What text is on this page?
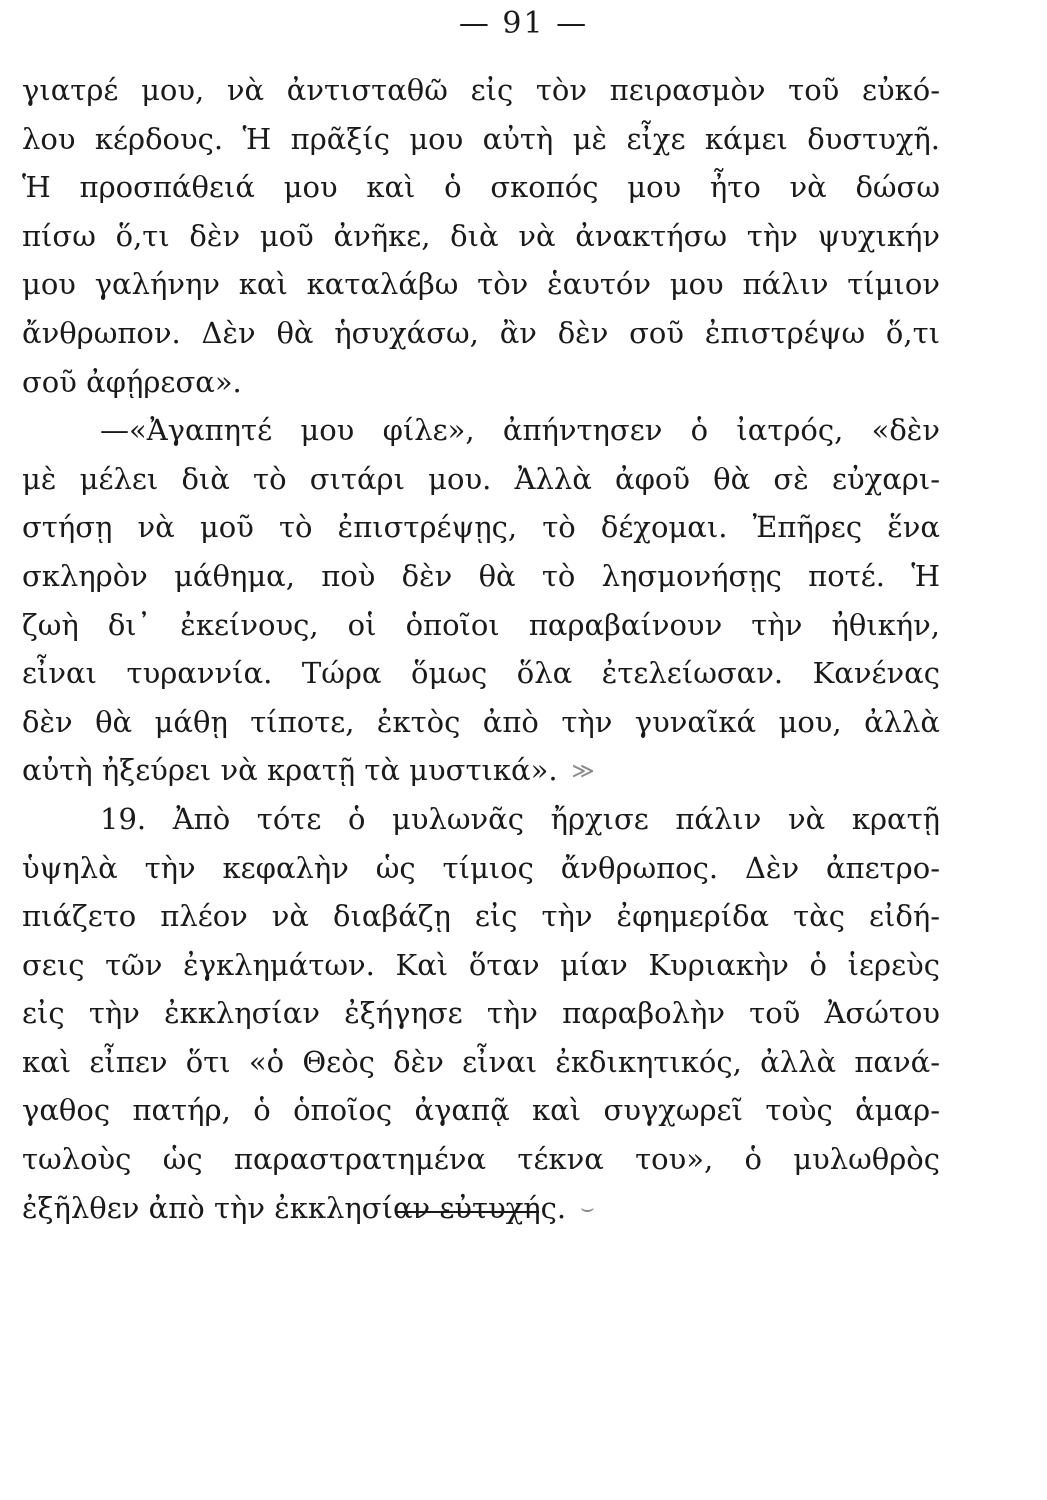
— 91 —
γιατρέ μου, νὰ ἀντισταθῶ εἰς τὸν πειρασμὸν τοῦ εὐκό-
λου κέρδους. Ἡ πρᾶξίς μου αὐτὴ μὲ εἶχε κάμει δυστυχῆ.
Ἡ προσπάθειά μου καὶ ὁ σκοπός μου ἦτο νὰ δώσω
πίσω ὅ,τι δὲν μοῦ ἀνῆκε, διὰ νὰ ἀνακτήσω τὴν ψυχικήν
μου γαλήνην καὶ καταλάβω τὸν ἑαυτόν μου πάλιν τίμιον
ἄνθρωπον. Δὲν θὰ ἡσυχάσω, ἂν δὲν σοῦ ἐπιστρέψω ὅ,τι
σοῦ ἀφῄρεσα».
—«Ἀγαπητέ μου φίλε», ἀπήντησεν ὁ ἰατρός, «δὲν
μὲ μέλει διὰ τὸ σιτάρι μου. Ἀλλὰ ἀφοῦ θὰ σὲ εὐχαρι-
στήσῃ νὰ μοῦ τὸ ἐπιστρέψῃς, τὸ δέχομαι. Ἐπῆρες ἕνα
σκληρὸν μάθημα, ποὺ δὲν θὰ τὸ λησμονήσῃς ποτέ. Ἡ
ζωὴ δι᾽ ἐκείνους, οἱ ὁποῖοι παραβαίνουν τὴν ἠθικήν,
εἶναι τυραννία. Τώρα ὅμως ὅλα ἐτελείωσαν. Κανένας
δὲν θὰ μάθῃ τίποτε, ἐκτὸς ἀπὸ τὴν γυναῖκά μου, ἀλλὰ
αὐτὴ ἠξεύρει νὰ κρατῇ τὰ μυστικά». ≫
19. Ἀπὸ τότε ὁ μυλωνᾶς ἤρχισε πάλιν νὰ κρατῇ
ὑψηλὰ τὴν κεφαλὴν ὡς τίμιος ἄνθρωπος. Δὲν ἀπετρο-
πιάζετο πλέον νὰ διαβάζῃ εἰς τὴν ἐφημερίδα τὰς εἰδή-
σεις τῶν ἐγκλημάτων. Καὶ ὅταν μίαν Κυριακὴν ὁ ἱερεὺς
εἰς τὴν ἐκκλησίαν ἐξήγησε τὴν παραβολὴν τοῦ Ἀσώτου
καὶ εἶπεν ὅτι «ὁ Θεὸς δὲν εἶναι ἐκδικητικός, ἀλλὰ πανά-
γαθος πατήρ, ὁ ὁποῖος ἀγαπᾷ καὶ συγχωρεῖ τοὺς ἁμαρ-
τωλοὺς ὡς παραστρατημένα τέκνα του», ὁ μυλωθρὸς
ἐξῆλθεν ἀπὸ τὴν ἐκκλησίαν εὐτυχής. ⌣
